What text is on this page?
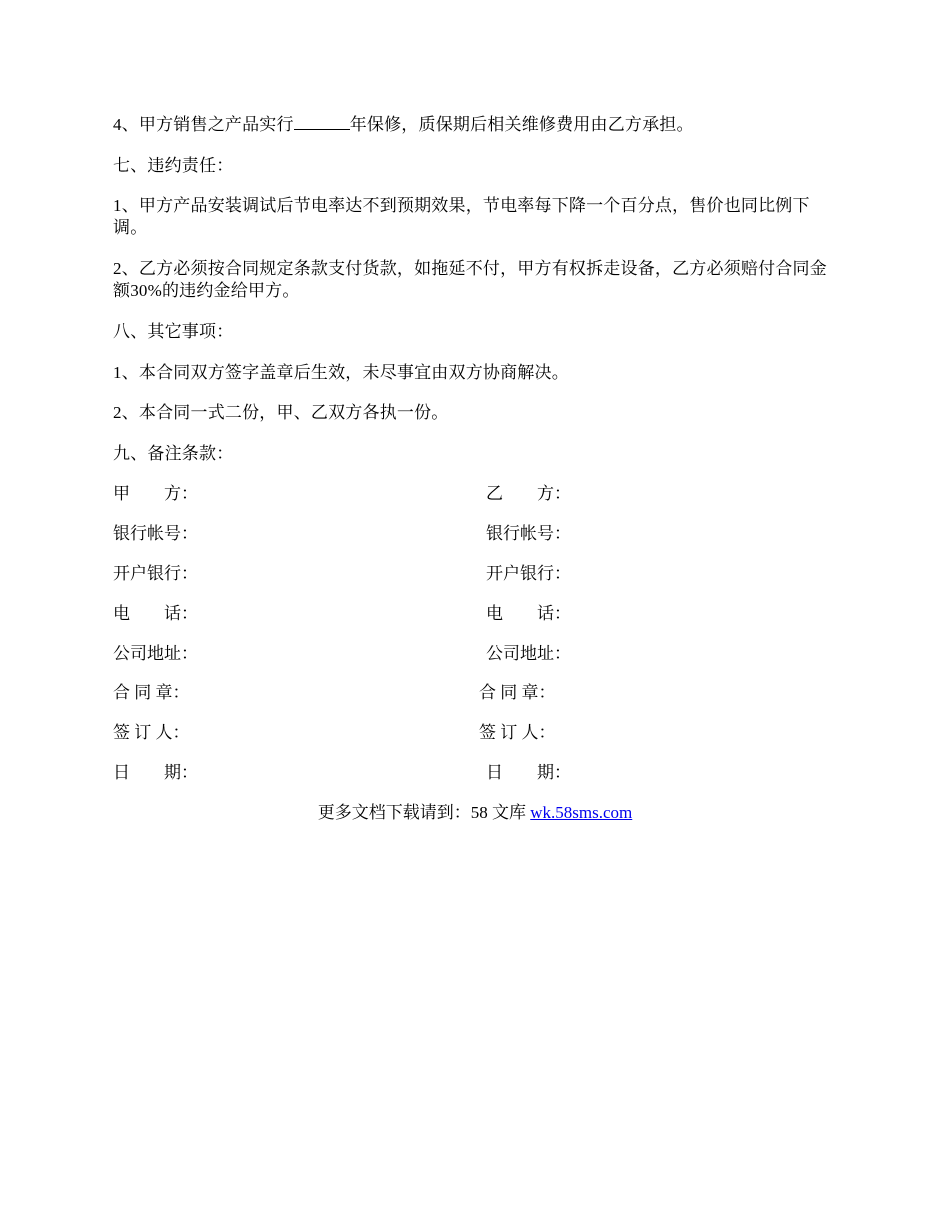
4、甲方销售之产品实行	年保修，质保期后相关维修费用由乙方承担。

七、违约责任：

1、甲方产品安装调试后节电率达不到预期效果，节电率每下降一个百分点，售价也同比例下调。

2、乙方必须按合同规定条款支付货款，如拖延不付，甲方有权拆走设备，乙方必须赔付合同金额30%的违约金给甲方。

八、其它事项：

1、本合同双方签字盖章后生效，未尽事宜由双方协商解决。

2、本合同一式二份，甲、乙双方各执一份。

九、备注条款：

甲　　方：	乙　　方：
银行帐号：	银行帐号：
开户银行：	开户银行：
电　　话：	电　　话：
公司地址：	公司地址：
合 同 章：	合 同 章：
签 订 人：	签 订 人：
日　　期：	日　　期：
更多文档下载请到：58 文库 wk.58sms.com
